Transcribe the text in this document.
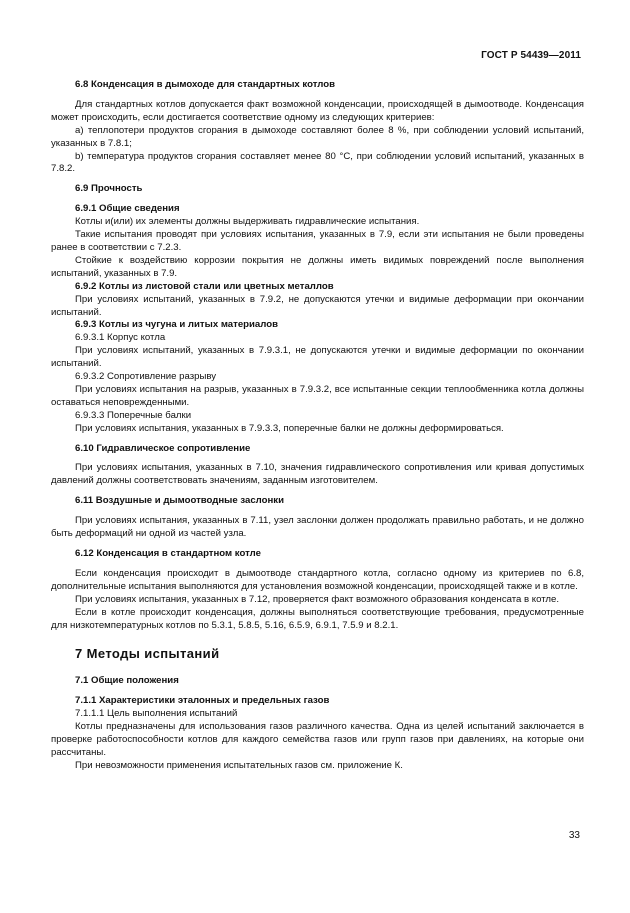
ГОСТ Р 54439—2011

6.8 Конденсация в дымоходе для стандартных котлов

Для стандартных котлов допускается факт возможной конденсации, происходящей в дымоотводе. Конденсация может происходить, если достигается соответствие одному из следующих критериев:

а) теплопотери продуктов сгорания в дымоходе составляют более 8 %, при соблюдении условий испытаний, указанных в 7.8.1;

b) температура продуктов сгорания составляет менее 80 °С, при соблюдении условий испытаний, указанных в 7.8.2.

6.9 Прочность

6.9.1 Общие сведения

Котлы и(или) их элементы должны выдерживать гидравлические испытания.

Такие испытания проводят при условиях испытания, указанных в 7.9, если эти испытания не были проведены ранее в соответствии с 7.2.3.

Стойкие к воздействию коррозии покрытия не должны иметь видимых повреждений после выполнения испытаний, указанных в 7.9.

6.9.2 Котлы из листовой стали или цветных металлов

При условиях испытаний, указанных в 7.9.2, не допускаются утечки и видимые деформации при окончании испытаний.

6.9.3 Котлы из чугуна и литых материалов

6.9.3.1 Корпус котла

При условиях испытаний, указанных в 7.9.3.1, не допускаются утечки и видимые деформации по окончании испытаний.

6.9.3.2 Сопротивление разрыву

При условиях испытания на разрыв, указанных в 7.9.3.2, все испытанные секции теплообменника котла должны оставаться неповрежденными.

6.9.3.3 Поперечные балки

При условиях испытания, указанных в 7.9.3.3, поперечные балки не должны деформироваться.

6.10 Гидравлическое сопротивление

При условиях испытания, указанных в 7.10, значения гидравлического сопротивления или кривая допустимых давлений должны соответствовать значениям, заданным изготовителем.

6.11 Воздушные и дымоотводные заслонки

При условиях испытания, указанных в 7.11, узел заслонки должен продолжать правильно работать, и не должно быть деформаций ни одной из частей узла.

6.12 Конденсация в стандартном котле

Если конденсация происходит в дымоотводе стандартного котла, согласно одному из критериев по 6.8, дополнительные испытания выполняются для установления возможной конденсации, происходящей также и в котле.

При условиях испытания, указанных в 7.12, проверяется факт возможного образования конденсата в котле.

Если в котле происходит конденсация, должны выполняться соответствующие требования, предусмотренные для низкотемпературных котлов по 5.3.1, 5.8.5, 5.16, 6.5.9, 6.9.1, 7.5.9 и 8.2.1.

7 Методы испытаний

7.1 Общие положения

7.1.1 Характеристики эталонных и предельных газов

7.1.1.1 Цель выполнения испытаний

Котлы предназначены для использования газов различного качества. Одна из целей испытаний заключается в проверке работоспособности котлов для каждого семейства газов или групп газов при давлениях, на которые они рассчитаны.

При невозможности применения испытательных газов см. приложение К.

33
